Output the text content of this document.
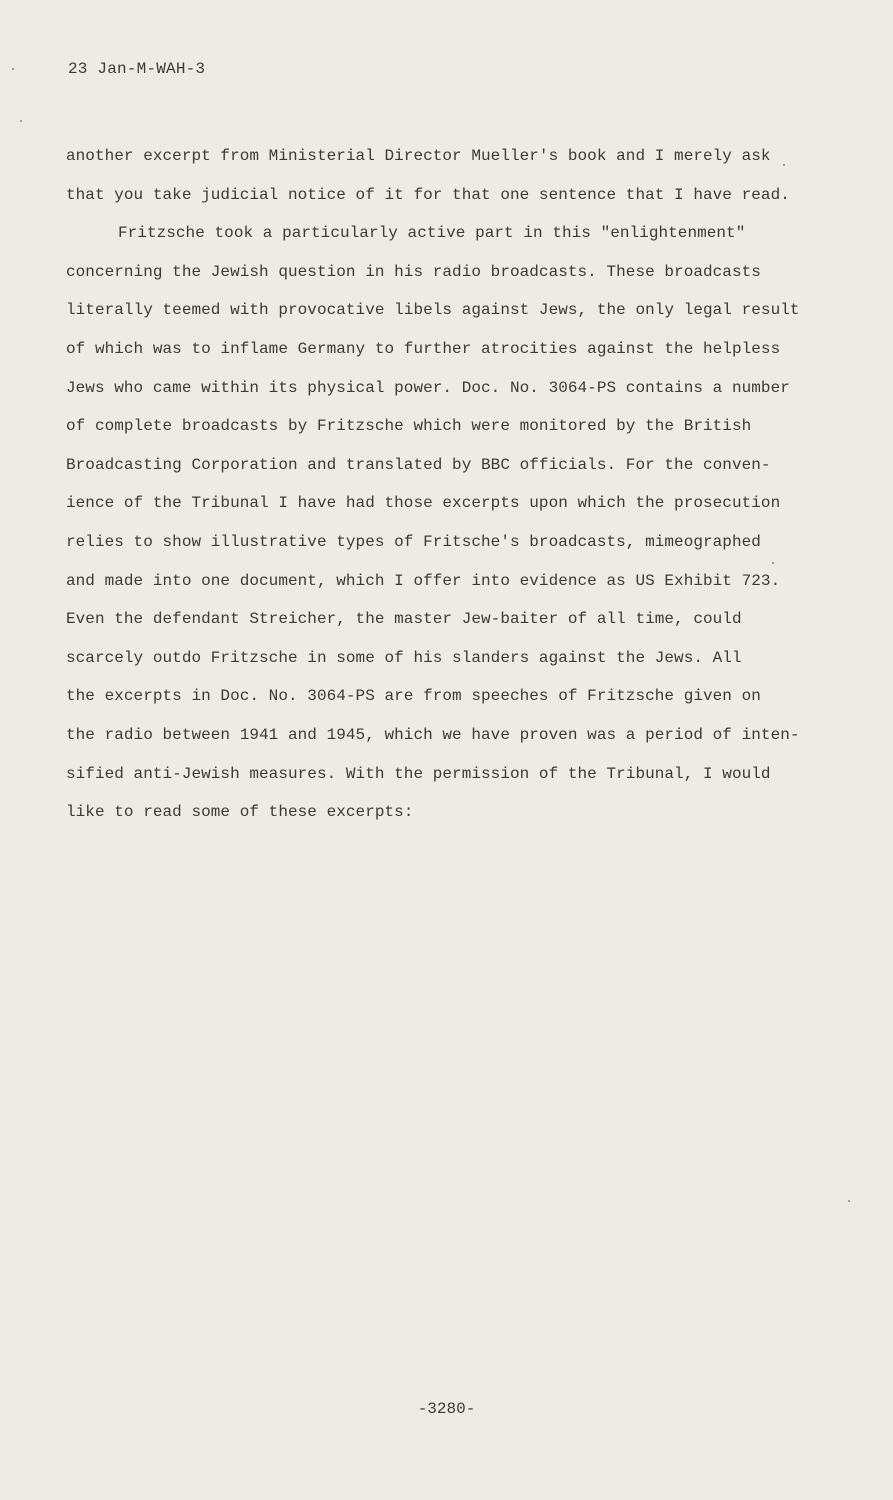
23 Jan-M-WAH-3
another excerpt from Ministerial Director Mueller's book and I merely ask
that you take judicial notice of it for that one sentence that I have read.
Fritzsche took a particularly active part in this "enlightenment"
concerning the Jewish question in his radio broadcasts. These broadcasts
literally teemed with provocative libels against Jews, the only legal result
of which was to inflame Germany to further atrocities against the helpless
Jews who came within its physical power. Doc. No. 3064-PS contains a number
of complete broadcasts by Fritzsche which were monitored by the British
Broadcasting Corporation and translated by BBC officials. For the conven-
ience of the Tribunal I have had those excerpts upon which the prosecution
relies to show illustrative types of Fritsche's broadcasts, mimeographed
and made into one document, which I offer into evidence as US Exhibit 723.
Even the defendant Streicher, the master Jew-baiter of all time, could
scarcely outdo Fritzsche in some of his slanders against the Jews. All
the excerpts in Doc. No. 3064-PS are from speeches of Fritzsche given on
the radio between 1941 and 1945, which we have proven was a period of inten-
sified anti-Jewish measures. With the permission of the Tribunal, I would
like to read some of these excerpts:
-3280-
